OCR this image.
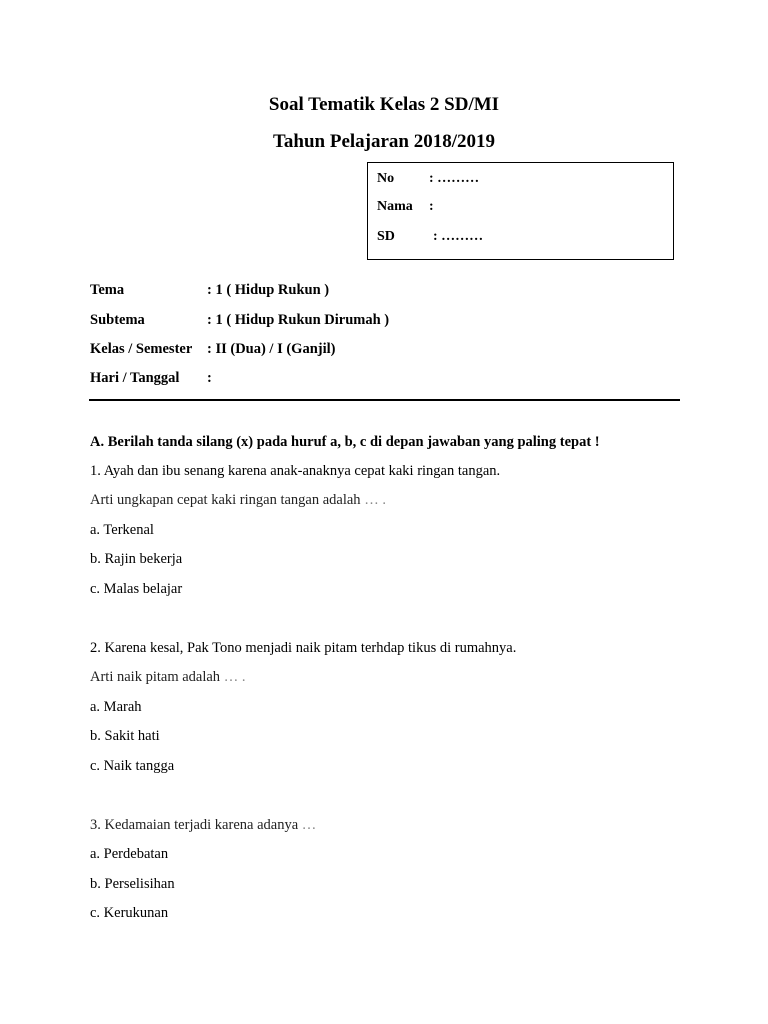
Soal Tematik Kelas 2 SD/MI
Tahun Pelajaran 2018/2019
No : ………
Nama :
SD	: ………
Tema	: 1 ( Hidup Rukun )
Subtema	: 1 ( Hidup Rukun Dirumah )
Kelas / Semester : II (Dua) / I (Ganjil)
Hari / Tanggal :
A. Berilah tanda silang (x) pada huruf a, b, c di depan jawaban yang paling tepat !
1. Ayah dan ibu senang karena anak-anaknya cepat kaki ringan tangan.
Arti ungkapan cepat kaki ringan tangan adalah … .
a. Terkenal
b. Rajin bekerja
c. Malas belajar
2. Karena kesal, Pak Tono menjadi naik pitam terhdap tikus di rumahnya.
Arti naik pitam adalah … .
a. Marah
b. Sakit hati
c. Naik tangga
3. Kedamaian terjadi karena adanya …
a. Perdebatan
b. Perselisihan
c. Kerukunan
